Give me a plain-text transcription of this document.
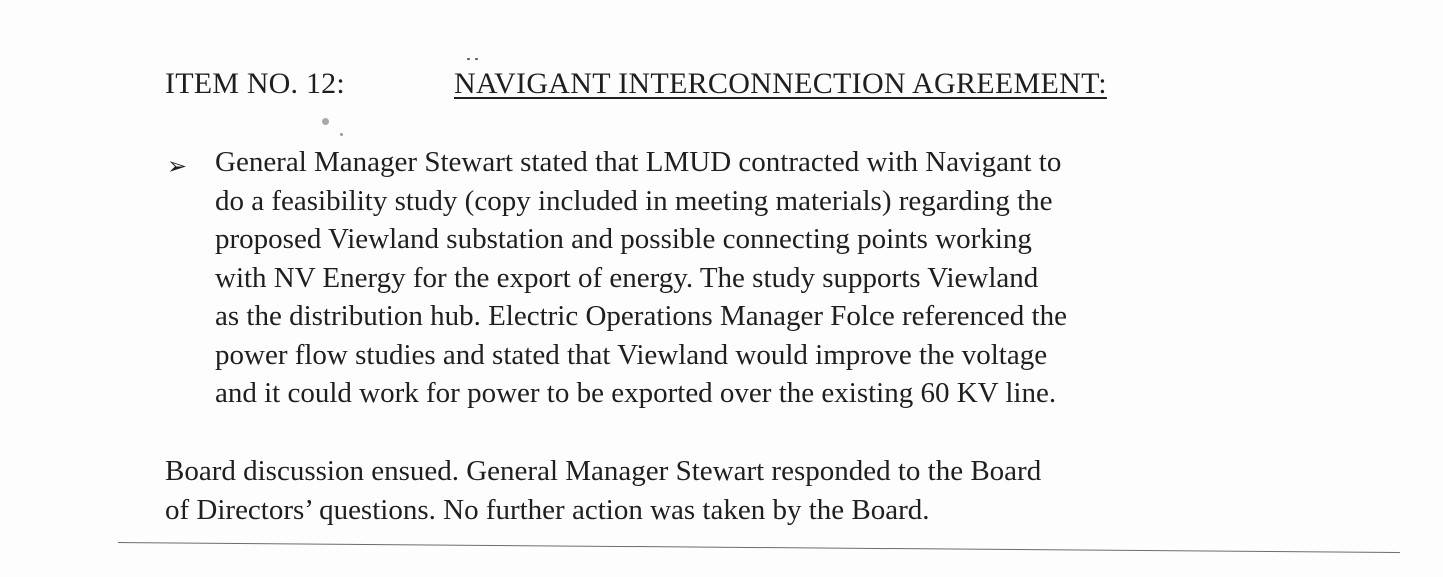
ITEM NO. 12:	NAVIGANT INTERCONNECTION AGREEMENT:
➢ General Manager Stewart stated that LMUD contracted with Navigant to
do a feasibility study (copy included in meeting materials) regarding the
proposed Viewland substation and possible connecting points working
with NV Energy for the export of energy. The study supports Viewland
as the distribution hub. Electric Operations Manager Folce referenced the
power flow studies and stated that Viewland would improve the voltage
and it could work for power to be exported over the existing 60 KV line.
Board discussion ensued. General Manager Stewart responded to the Board
of Directors’ questions. No further action was taken by the Board.
